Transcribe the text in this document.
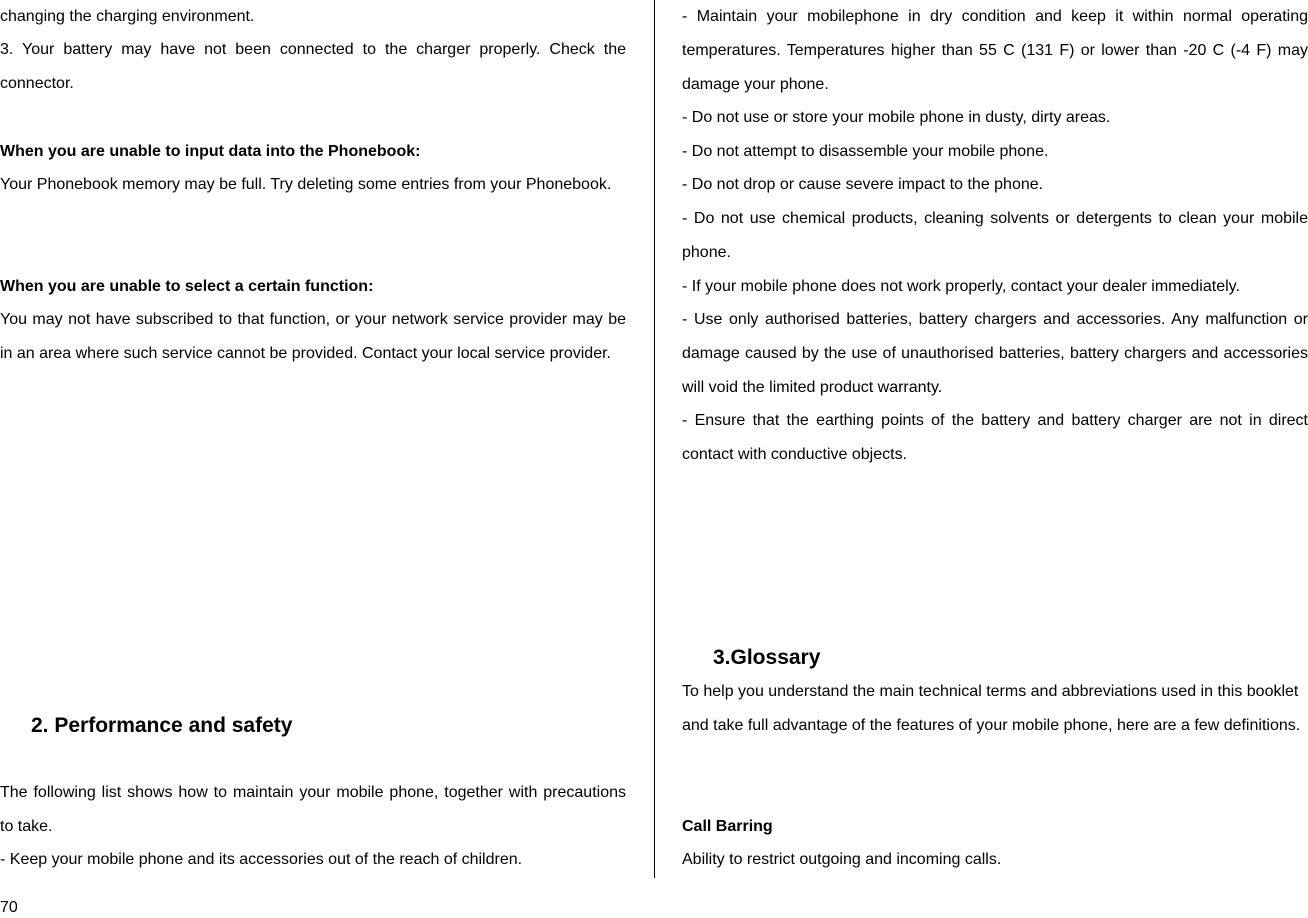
changing the charging environment.

3. Your battery may have not been connected to the charger properly. Check the connector.

When you are unable to input data into the Phonebook:

Your Phonebook memory may be full. Try deleting some entries from your Phonebook.

When you are unable to select a certain function:

You may not have subscribed to that function, or your network service provider may be in an area where such service cannot be provided. Contact your local service provider.

2. Performance and safety

The following list shows how to maintain your mobile phone, together with precautions to take.

- Keep your mobile phone and its accessories out of the reach of children.

- Maintain your mobilephone in dry condition and keep it within normal operating temperatures. Temperatures higher than 55 C (131 F) or lower than -20 C (-4 F) may damage your phone.

- Do not use or store your mobile phone in dusty, dirty areas.

- Do not attempt to disassemble your mobile phone.

- Do not drop or cause severe impact to the phone.

- Do not use chemical products, cleaning solvents or detergents to clean your mobile phone.

- If your mobile phone does not work properly, contact your dealer immediately.

- Use only authorised batteries, battery chargers and accessories. Any malfunction or damage caused by the use of unauthorised batteries, battery chargers and accessories will void the limited product warranty.

- Ensure that the earthing points of the battery and battery charger are not in direct contact with conductive objects.

3.Glossary

To help you understand the main technical terms and abbreviations used in this booklet and take full advantage of the features of your mobile phone, here are a few definitions.

Call Barring

Ability to restrict outgoing and incoming calls.

70
